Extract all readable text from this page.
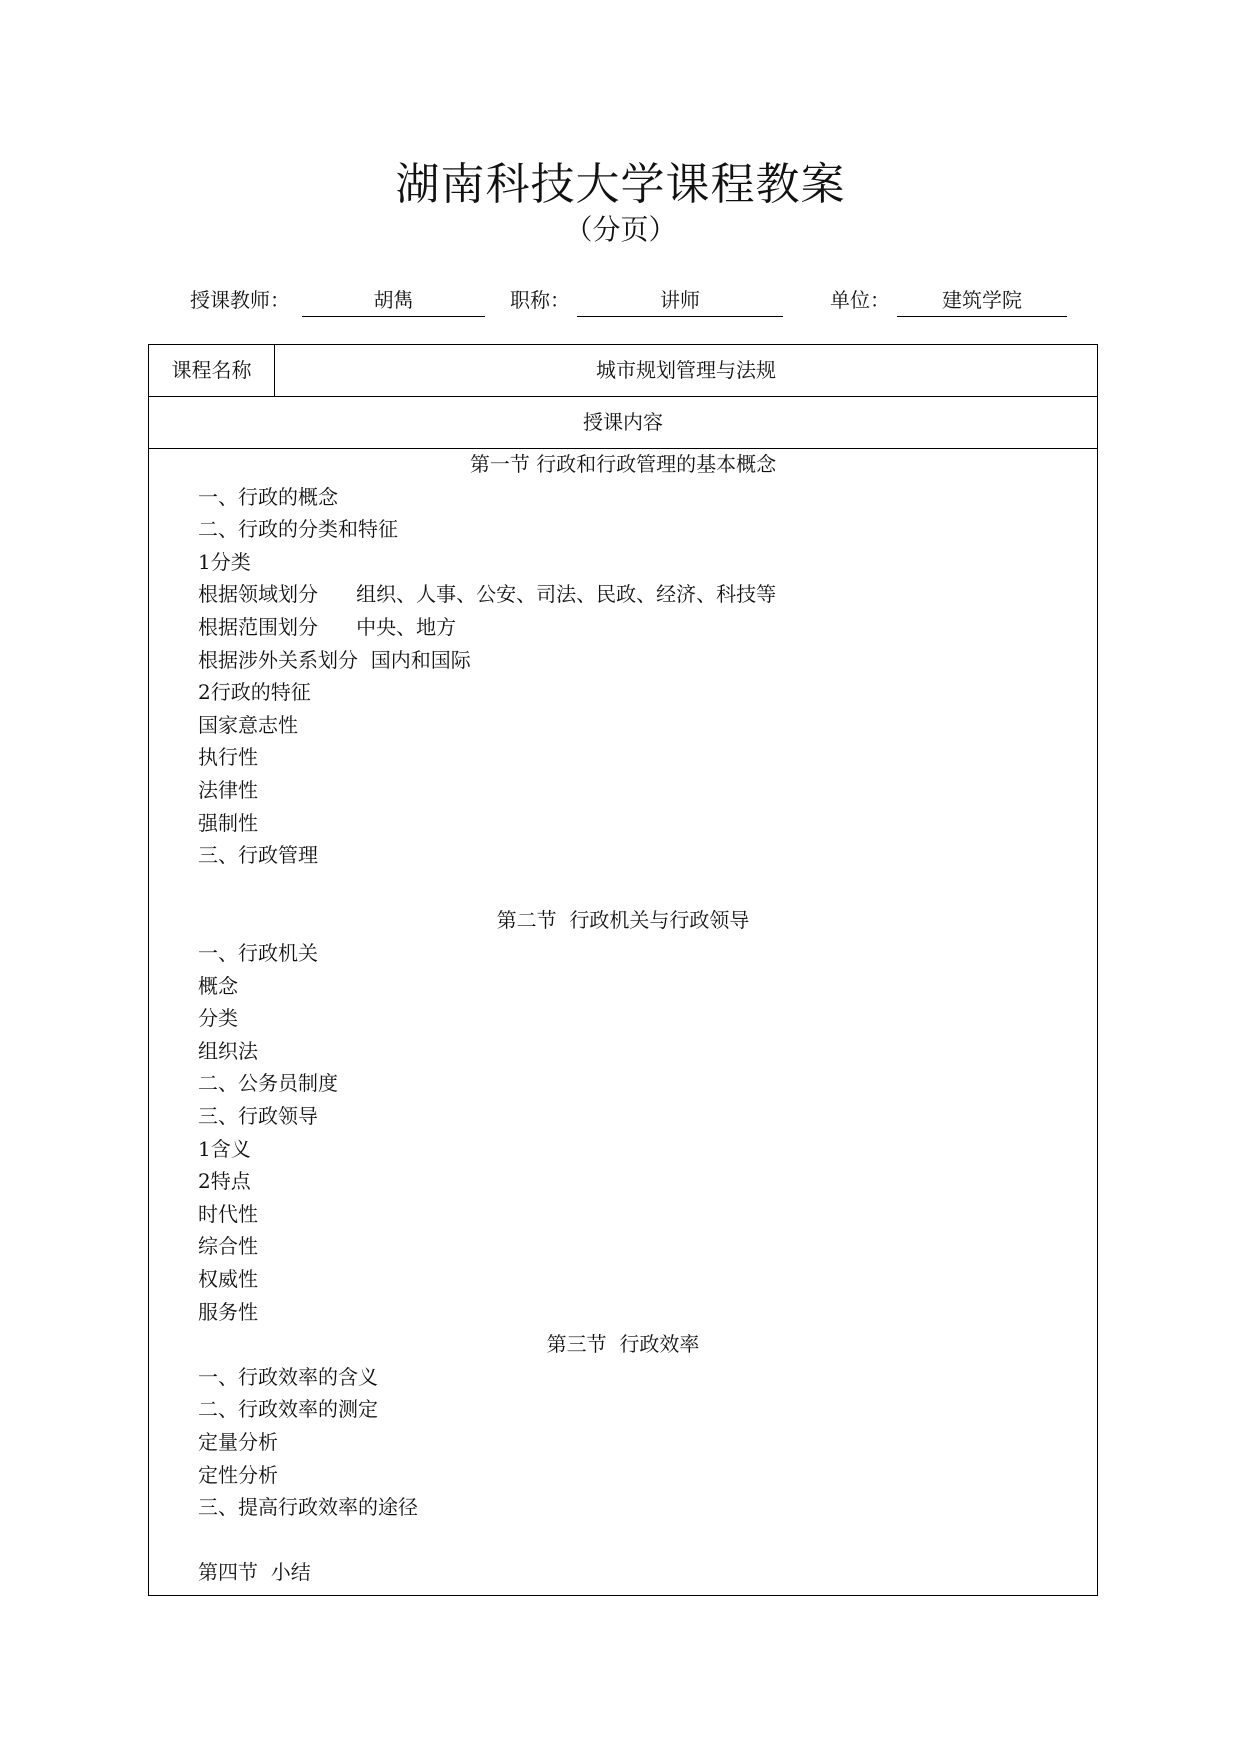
湖南科技大学课程教案
（分页）
授课教师：	胡雋	职称：	讲师	单位：	建筑学院
课程名称	城市规划管理与法规
授课内容
第一节 行政和行政管理的基本概念
一、行政的概念
二、行政的分类和特征
1分类
根据领域划分      组织、人事、公安、司法、民政、经济、科技等
根据范围划分      中央、地方
根据涉外关系划分  国内和国际
2行政的特征
国家意志性
执行性
法律性
强制性
三、行政管理
第二节  行政机关与行政领导
一、行政机关
概念
分类
组织法
二、公务员制度
三、行政领导
1含义
2特点
时代性
综合性
权威性
服务性
第三节  行政效率
一、行政效率的含义
二、行政效率的测定
定量分析
定性分析
三、提高行政效率的途径
第四节  小结
